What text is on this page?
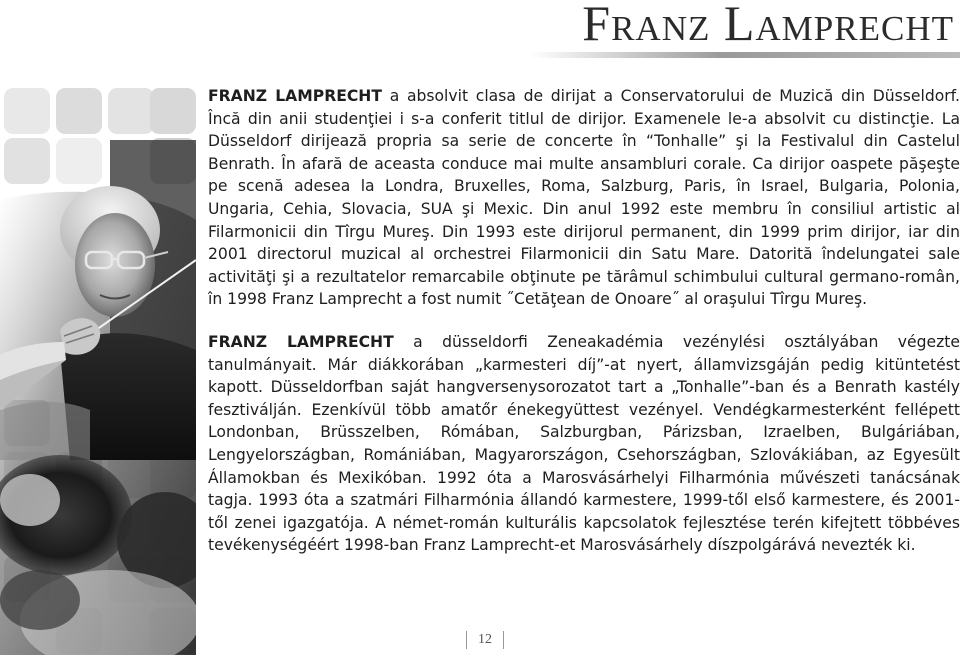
Franz Lamprecht

FRANZ LAMPRECHT a absolvit clasa de dirijat a Conservatorului de Muzică din Düsseldorf. Încă din anii studenţiei i s-a conferit titlul de dirijor. Examenele le-a absolvit cu distincţie. La Düsseldorf dirijează propria sa serie de concerte în “Tonhalle” şi la Festivalul din Castelul Benrath. În afară de aceasta conduce mai multe ansambluri corale. Ca dirijor oaspete păşeşte pe scenă adesea la Londra, Bruxelles, Roma, Salzburg, Paris, în Israel, Bulgaria, Polonia, Ungaria, Cehia, Slovacia, SUA şi Mexic. Din anul 1992 este membru în consiliul artistic al Filarmonicii din Tîrgu Mureş. Din 1993 este dirijorul permanent, din 1999 prim dirijor, iar din 2001 directorul muzical al orchestrei Filarmonicii din Satu Mare. Datorită îndelungatei sale activităţi şi a rezultatelor remarcabile obţinute pe tărâmul schimbului cultural germano-român, în 1998 Franz Lamprecht a fost numit ˝Cetăţean de Onoare˝ al oraşului Tîrgu Mureş.

FRANZ LAMPRECHT a düsseldorfi Zeneakadémia vezénylési osztályában végezte tanulmányait. Már diákkorában „karmesteri díj”-at nyert, államvizsgáján pedig kitüntetést kapott. Düsseldorfban saját hangversenysorozatot tart a „Tonhalle”-ban és a Benrath kastély fesztiválján. Ezenkívül több amatőr énekegyüttest vezényel. Vendégkarmesterként fellépett Londonban, Brüsszelben, Rómában, Salzburgban, Párizsban, Izraelben, Bulgáriában, Lengyelországban, Romániában, Magyarországon, Csehországban, Szlovákiában, az Egyesült Államokban és Mexikóban. 1992 óta a Marosvásárhelyi Filharmónia művészeti tanácsának tagja. 1993 óta a szatmári Filharmónia állandó karmestere, 1999-től első karmestere, és 2001-től zenei igazgatója. A német-román kulturális kapcsolatok fejlesztése terén kifejtett többéves tevékenységéért 1998-ban Franz Lamprecht-et Marosvásárhely díszpolgárává nevezték ki.

12
